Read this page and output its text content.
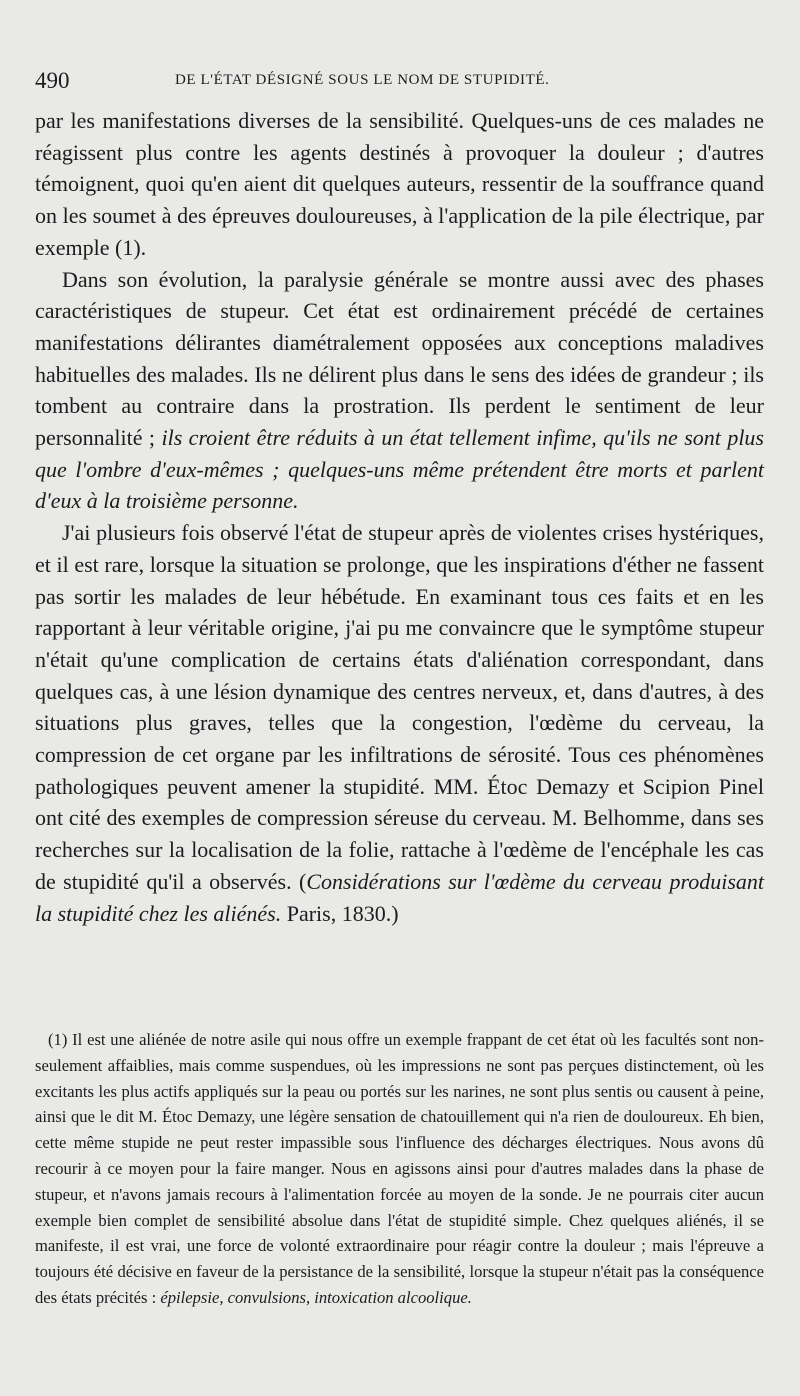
490	DE L'ÉTAT DÉSIGNÉ SOUS LE NOM DE STUPIDITÉ.

par les manifestations diverses de la sensibilité. Quelques-uns de ces malades ne réagissent plus contre les agents destinés à provoquer la douleur ; d'autres témoignent, quoi qu'en aient dit quelques auteurs, ressentir de la souffrance quand on les soumet à des épreuves douloureuses, à l'application de la pile électrique, par exemple (1).

Dans son évolution, la paralysie générale se montre aussi avec des phases caractéristiques de stupeur. Cet état est ordinairement précédé de certaines manifestations délirantes diamétralement opposées aux conceptions maladives habituelles des malades. Ils ne délirent plus dans le sens des idées de grandeur ; ils tombent au contraire dans la prostration. Ils perdent le sentiment de leur personnalité ; ils croient être réduits à un état tellement infime, qu'ils ne sont plus que l'ombre d'eux-mêmes ; quelques-uns même prétendent être morts et parlent d'eux à la troisième personne.

J'ai plusieurs fois observé l'état de stupeur après de violentes crises hystériques, et il est rare, lorsque la situation se prolonge, que les inspirations d'éther ne fassent pas sortir les malades de leur hébétude. En examinant tous ces faits et en les rapportant à leur véritable origine, j'ai pu me convaincre que le symptôme stupeur n'était qu'une complication de certains états d'aliénation correspondant, dans quelques cas, à une lésion dynamique des centres nerveux, et, dans d'autres, à des situations plus graves, telles que la congestion, l'œdème du cerveau, la compression de cet organe par les infiltrations de sérosité. Tous ces phénomènes pathologiques peuvent amener la stupidité. MM. Étoc Demazy et Scipion Pinel ont cité des exemples de compression séreuse du cerveau. M. Belhomme, dans ses recherches sur la localisation de la folie, rattache à l'œdème de l'encéphale les cas de stupidité qu'il a observés. (Considérations sur l'œdème du cerveau produisant la stupidité chez les aliénés. Paris, 1830.)

(1) Il est une aliénée de notre asile qui nous offre un exemple frappant de cet état où les facultés sont non-seulement affaiblies, mais comme suspendues, où les impressions ne sont pas perçues distinctement, où les excitants les plus actifs appliqués sur la peau ou portés sur les narines, ne sont plus sentis ou causent à peine, ainsi que le dit M. Étoc Demazy, une légère sensation de chatouillement qui n'a rien de douloureux. Eh bien, cette même stupide ne peut rester impassible sous l'influence des décharges électriques. Nous avons dû recourir à ce moyen pour la faire manger. Nous en agissons ainsi pour d'autres malades dans la phase de stupeur, et n'avons jamais recours à l'alimentation forcée au moyen de la sonde. Je ne pourrais citer aucun exemple bien complet de sensibilité absolue dans l'état de stupidité simple. Chez quelques aliénés, il se manifeste, il est vrai, une force de volonté extraordinaire pour réagir contre la douleur ; mais l'épreuve a toujours été décisive en faveur de la persistance de la sensibilité, lorsque la stupeur n'était pas la conséquence des états précités : épilepsie, convulsions, intoxication alcoolique.
